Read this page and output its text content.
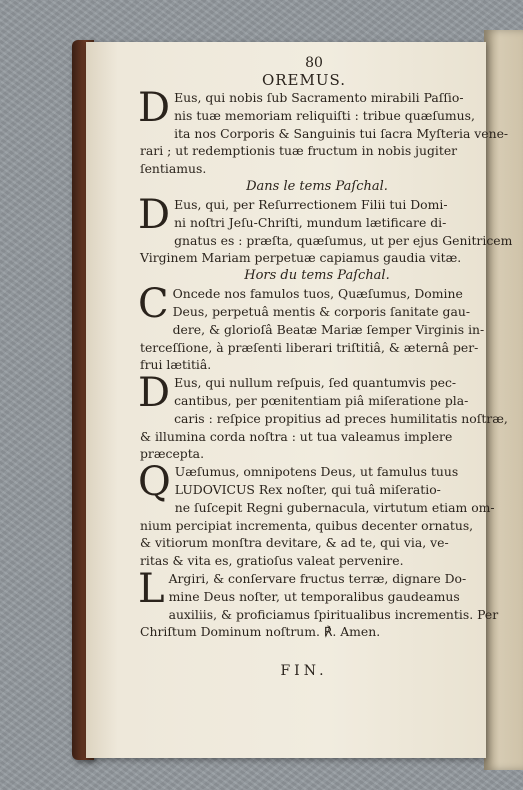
80
OREMUS.
D Eus, qui nobis ſub Sacramento mirabili Paſſio-
nis tuæ memoriam reliquiſti : tribue quæſumus,
ita nos Corporis & Sanguinis tui ſacra Myſteria vene-
rari ; ut redemptionis tuæ fructum in nobis jugiter
ſentiamus.
Dans le tems Paſchal.
D Eus, qui, per Reſurrectionem Filii tui Domi-
ni noſtri Jeſu-Chriſti, mundum lætificare di-
gnatus es : præſta, quæſumus, ut per ejus Genitricem
Virginem Mariam perpetuæ capiamus gaudia vitæ.
Hors du tems Paſchal.
C Oncede nos famulos tuos, Quæſumus, Domine
Deus, perpetuâ mentis & corporis ſanitate gau-
dere, & glorioſâ Beatæ Mariæ ſemper Virginis in-
terceſſione, à præſenti liberari triſtitiâ, & æternâ per-
frui lætitiâ.
D Eus, qui nullum reſpuis, ſed quantumvis pec-
cantibus, per pœnitentiam piâ miſeratione pla-
caris : reſpice propitius ad preces humilitatis noſtræ,
& illumina corda noſtra : ut tua valeamus implere
præcepta.
Q Uæſumus, omnipotens Deus, ut famulus tuus
LUDOVICUS Rex noſter, qui tuâ miſeratio-
ne ſuſcepit Regni gubernacula, virtutum etiam om-
nium percipiat incrementa, quibus decenter ornatus,
& vitiorum monſtra devitare, & ad te, qui via, ve-
ritas & vita es, gratioſus valeat pervenire.
L Argiri, & conſervare fructus terræ, dignare Do-
mine Deus noſter, ut temporalibus gaudeamus
auxiliis, & proficiamus ſpiritualibus incrementis. Per
Chriſtum Dominum noſtrum. ℟. Amen.
FIN.
